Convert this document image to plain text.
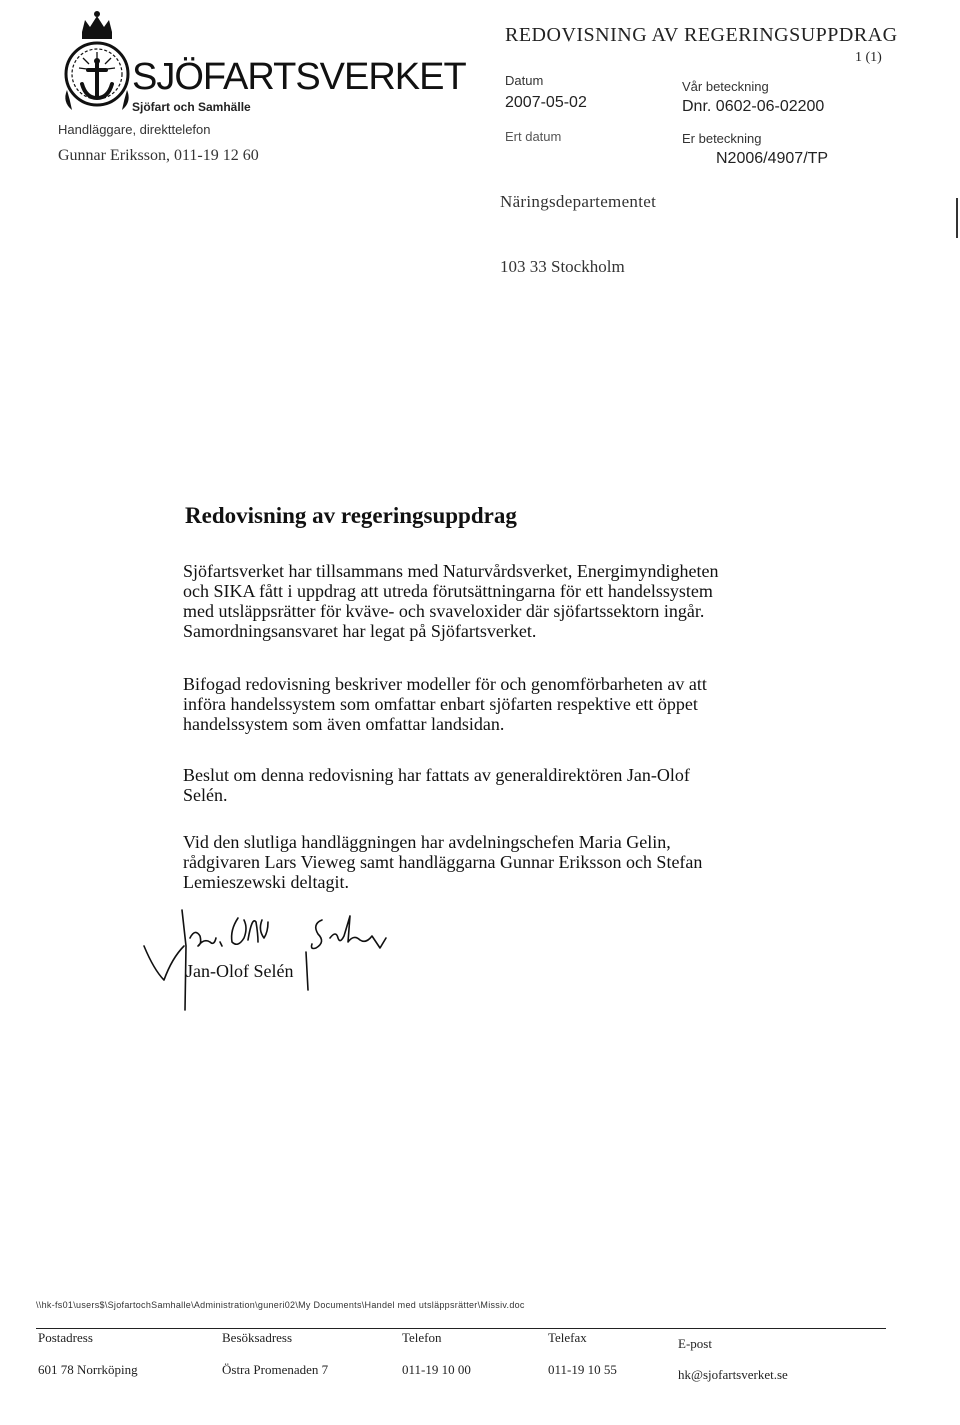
SJÖFARTSVERKET
Sjöfart och Samhälle
Handläggare, direkttelefon
Gunnar Eriksson, 011-19 12 60
REDOVISNING AV REGERINGSUPPDRAG
1 (1)
Datum
2007-05-02
Ert datum
Vår beteckning
Dnr. 0602-06-02200
Er beteckning
N2006/4907/TP
Näringsdepartementet
103 33 Stockholm
Redovisning av regeringsuppdrag

Sjöfartsverket har tillsammans med Naturvårdsverket, Energimyndigheten

och SIKA fått i uppdrag att utreda förutsättningarna för ett handelssystem

med utsläppsrätter för kväve- och svaveloxider där sjöfartssektorn ingår.

Samordningsansvaret har legat på Sjöfartsverket.

Bifogad redovisning beskriver modeller för och genomförbarheten av att

införa handelssystem som omfattar enbart sjöfarten respektive ett öppet

handelssystem som även omfattar landsidan.

Beslut om denna redovisning har fattats av generaldirektören Jan-Olof

Selén.

Vid den slutliga handläggningen har avdelningschefen Maria Gelin,

rådgivaren Lars Vieweg samt handläggarna Gunnar Eriksson och Stefan

Lemieszewski deltagit.

Jan-Olof Selén
\\hk-fs01\users$\SjofartochSamhalle\Administration\guneri02\My Documents\Handel med utsläppsrätter\Missiv.doc
Postadress
601 78 Norrköping
Besöksadress
Östra Promenaden 7
Telefon
011-19 10 00
Telefax
011-19 10 55
E-post
hk@sjofartsverket.se
